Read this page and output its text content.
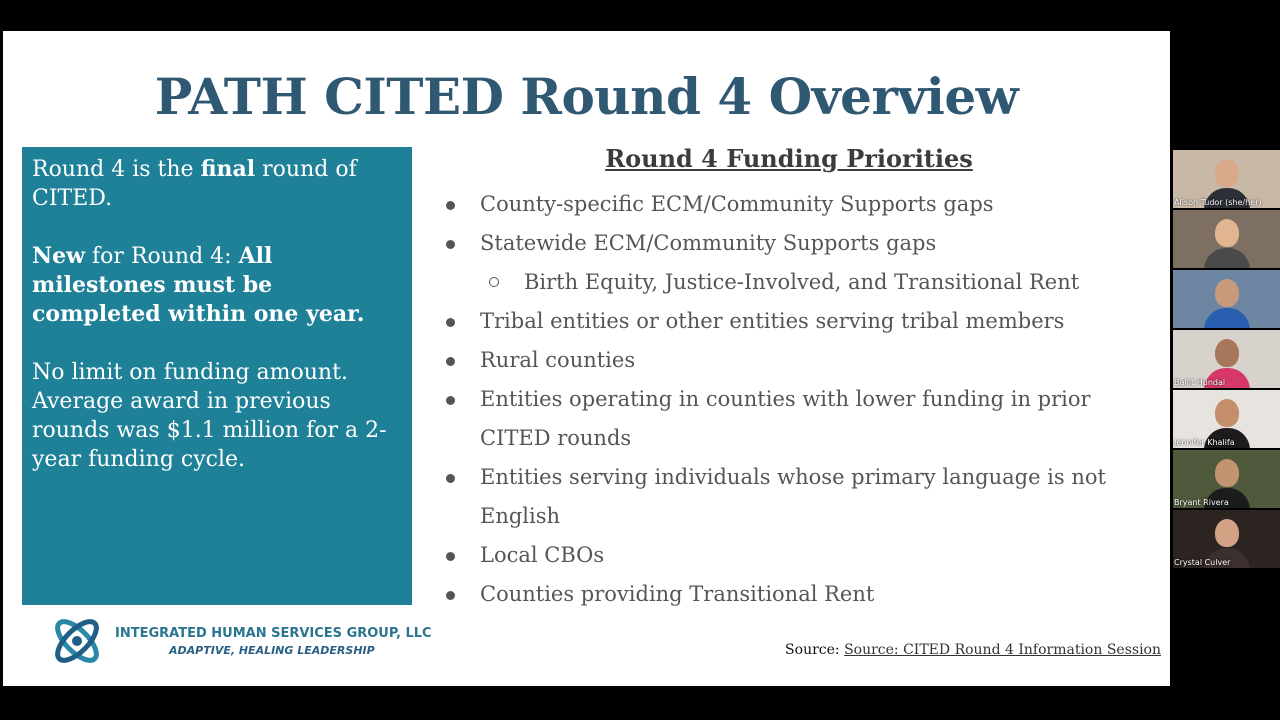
PATH CITED Round 4 Overview

Round 4 is the final round of CITED.

New for Round 4: All milestones must be completed within one year.

No limit on funding amount.
Average award in previous rounds was $1.1 million for a 2-year funding cycle.

Round 4 Funding Priorities
County-specific ECM/Community Supports gaps
Statewide ECM/Community Supports gaps
Birth Equity, Justice-Involved, and Transitional Rent
Tribal entities or other entities serving tribal members
Rural counties
Entities operating in counties with lower funding in prior CITED rounds
Entities serving individuals whose primary language is not English
Local CBOs
Counties providing Transitional Rent
INTEGRATED HUMAN SERVICES GROUP, LLC
ADAPTIVE, HEALING LEADERSHIP	Source: Source: CITED Round 4 Information Session
Alison Tudor (she/her)
Baljit Hundal
Jennifer Khalifa
Bryant Rivera
Crystal Culver
